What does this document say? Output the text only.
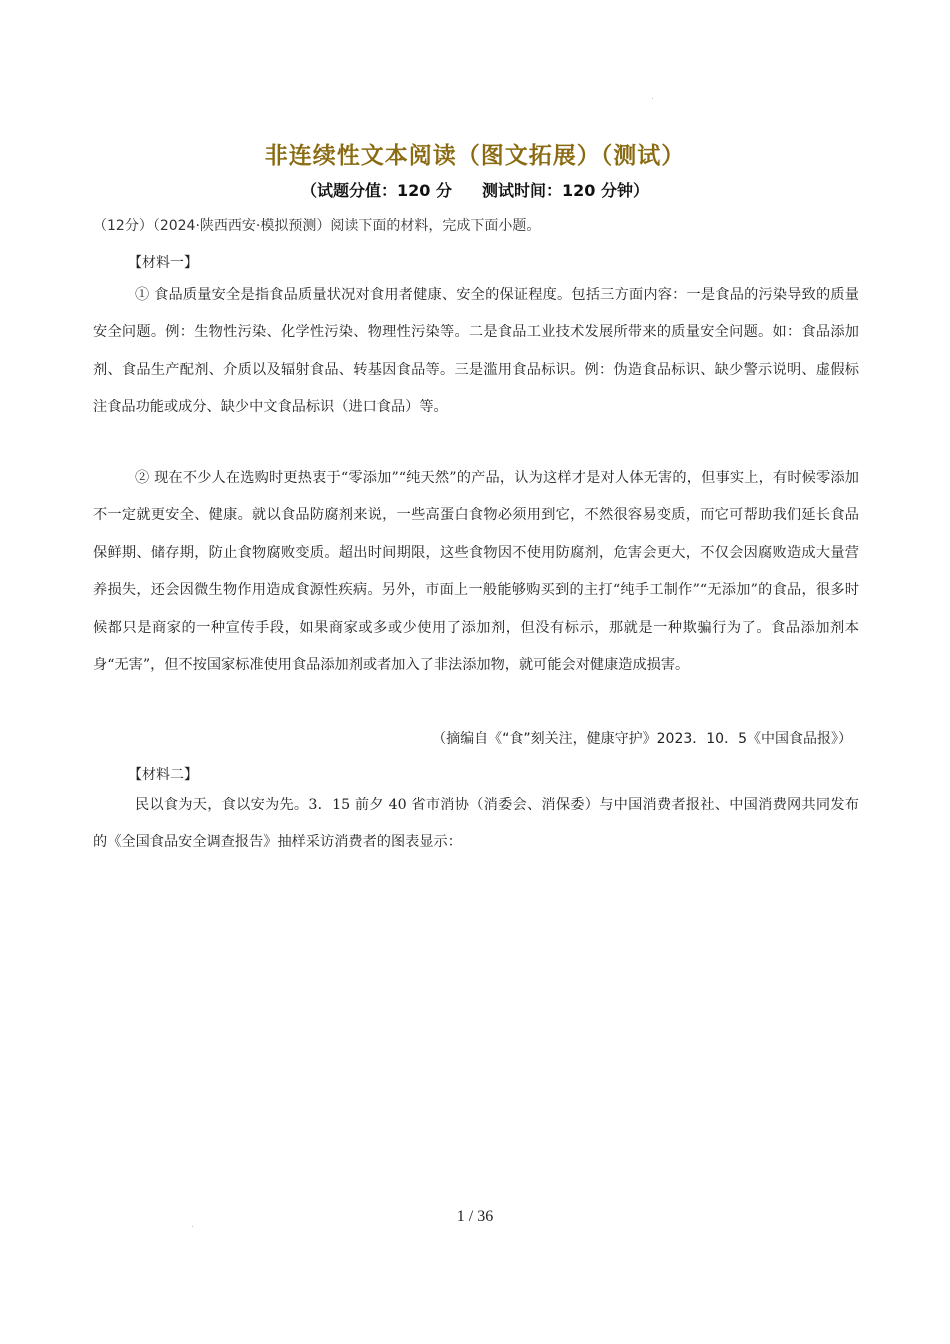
非连续性文本阅读（图文拓展）（测试）
（试题分值：120 分 测试时间：120 分钟）
（12分）（2024·陕西西安·模拟预测）阅读下面的材料，完成下面小题。
【材料一】
① 食品质量安全是指食品质量状况对食用者健康、安全的保证程度。包括三方面内容：一是食品的污染导致的质量安全问题。例：生物性污染、化学性污染、物理性污染等。二是食品工业技术发展所带来的质量安全问题。如：食品添加剂、食品生产配剂、介质以及辐射食品、转基因食品等。三是滥用食品标识。例：伪造食品标识、缺少警示说明、虚假标注食品功能或成分、缺少中文食品标识（进口食品）等。
② 现在不少人在选购时更热衷于“零添加”“纯天然”的产品，认为这样才是对人体无害的，但事实上，有时候零添加不一定就更安全、健康。就以食品防腐剂来说，一些高蛋白食物必须用到它，不然很容易变质，而它可帮助我们延长食品保鲜期、储存期，防止食物腐败变质。超出时间期限，这些食物因不使用防腐剂，危害会更大，不仅会因腐败造成大量营养损失，还会因微生物作用造成食源性疾病。另外，市面上一般能够购买到的主打“纯手工制作”“无添加”的食品，很多时候都只是商家的一种宣传手段，如果商家或多或少使用了添加剂，但没有标示，那就是一种欺骗行为了。食品添加剂本身“无害”，但不按国家标准使用食品添加剂或者加入了非法添加物，就可能会对健康造成损害。
（摘编自《“食”刻关注，健康守护》2023．10．5《中国食品报》）
【材料二】
民以食为天，食以安为先。3．15 前夕 40 省市消协（消委会、消保委）与中国消费者报社、中国消费网共同发布的《全国食品安全调查报告》抽样采访消费者的图表显示：
1 / 36
